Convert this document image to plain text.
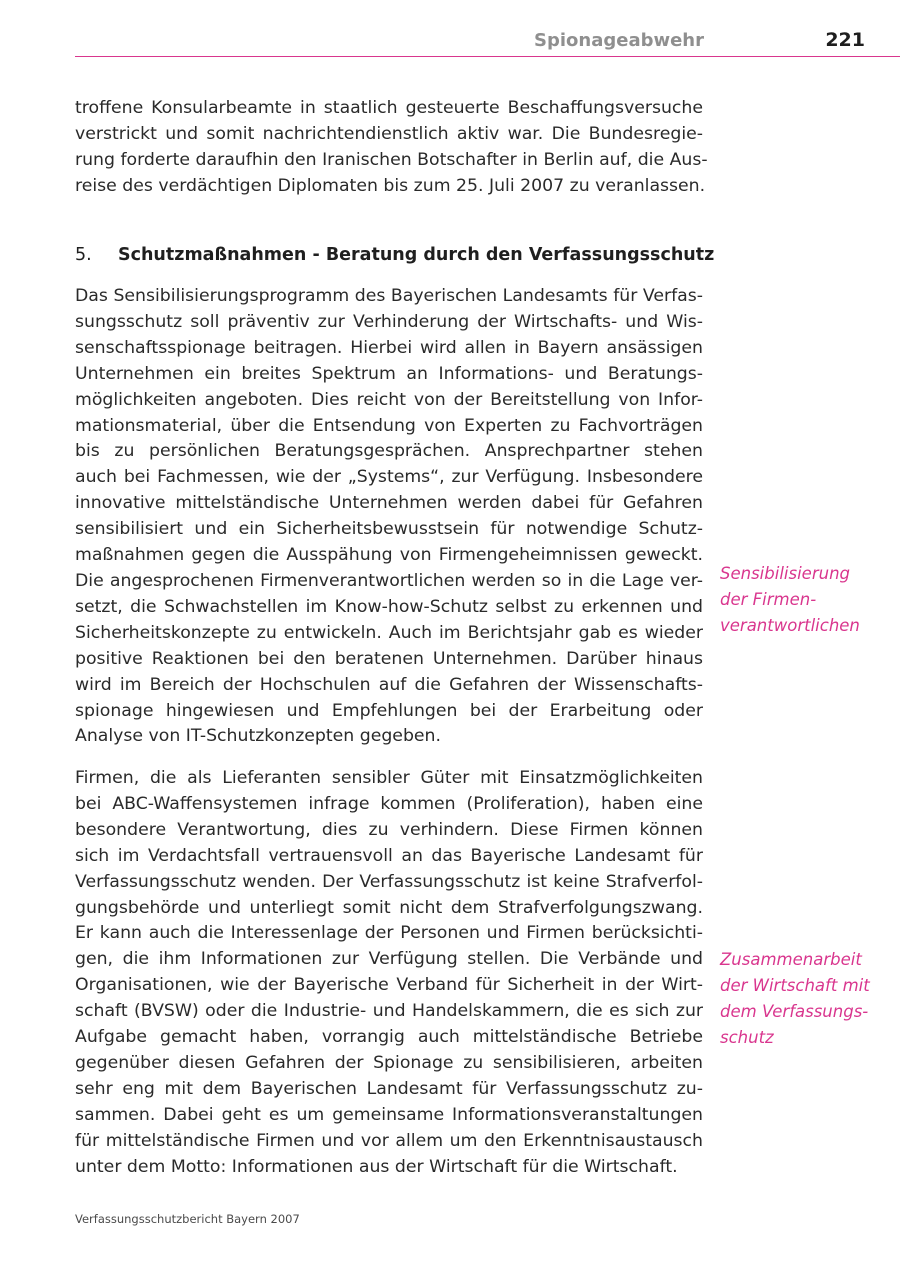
Spionageabwehr	221
troffene Konsularbeamte in staatlich gesteuerte Beschaffungsversuche
verstrickt und somit nachrichtendienstlich aktiv war. Die Bundesregie-
rung forderte daraufhin den Iranischen Botschafter in Berlin auf, die Aus-
reise des verdächtigen Diplomaten bis zum 25. Juli 2007 zu veranlassen.
5. Schutzmaßnahmen - Beratung durch den Verfassungsschutz
Das Sensibilisierungsprogramm des Bayerischen Landesamts für Verfas-
sungsschutz soll präventiv zur Verhinderung der Wirtschafts- und Wis-
senschaftsspionage beitragen. Hierbei wird allen in Bayern ansässigen
Unternehmen ein breites Spektrum an Informations- und Beratungs-
möglichkeiten angeboten. Dies reicht von der Bereitstellung von Infor-
mationsmaterial, über die Entsendung von Experten zu Fachvorträgen
bis zu persönlichen Beratungsgesprächen. Ansprechpartner stehen
auch bei Fachmessen, wie der „Systems“, zur Verfügung. Insbesondere
innovative mittelständische Unternehmen werden dabei für Gefahren
sensibilisiert und ein Sicherheitsbewusstsein für notwendige Schutz-
maßnahmen gegen die Ausspähung von Firmengeheimnissen geweckt.
Die angesprochenen Firmenverantwortlichen werden so in die Lage ver-
setzt, die Schwachstellen im Know-how-Schutz selbst zu erkennen und
Sicherheitskonzepte zu entwickeln. Auch im Berichtsjahr gab es wieder
positive Reaktionen bei den beratenen Unternehmen. Darüber hinaus
wird im Bereich der Hochschulen auf die Gefahren der Wissenschafts-
spionage hingewiesen und Empfehlungen bei der Erarbeitung oder
Analyse von IT-Schutzkonzepten gegeben.
Firmen, die als Lieferanten sensibler Güter mit Einsatzmöglichkeiten
bei ABC-Waffensystemen infrage kommen (Proliferation), haben eine
besondere Verantwortung, dies zu verhindern. Diese Firmen können
sich im Verdachtsfall vertrauensvoll an das Bayerische Landesamt für
Verfassungsschutz wenden. Der Verfassungsschutz ist keine Strafverfol-
gungsbehörde und unterliegt somit nicht dem Strafverfolgungszwang.
Er kann auch die Interessenlage der Personen und Firmen berücksichti-
gen, die ihm Informationen zur Verfügung stellen. Die Verbände und
Organisationen, wie der Bayerische Verband für Sicherheit in der Wirt-
schaft (BVSW) oder die Industrie- und Handelskammern, die es sich zur
Aufgabe gemacht haben, vorrangig auch mittelständische Betriebe
gegenüber diesen Gefahren der Spionage zu sensibilisieren, arbeiten
sehr eng mit dem Bayerischen Landesamt für Verfassungsschutz zu-
sammen. Dabei geht es um gemeinsame Informationsveranstaltungen
für mittelständische Firmen und vor allem um den Erkenntnisaustausch
unter dem Motto: Informationen aus der Wirtschaft für die Wirtschaft.
Sensibilisierung
der Firmen-
verantwortlichen
Zusammenarbeit
der Wirtschaft mit
dem Verfassungs-
schutz
Verfassungsschutzbericht Bayern 2007
